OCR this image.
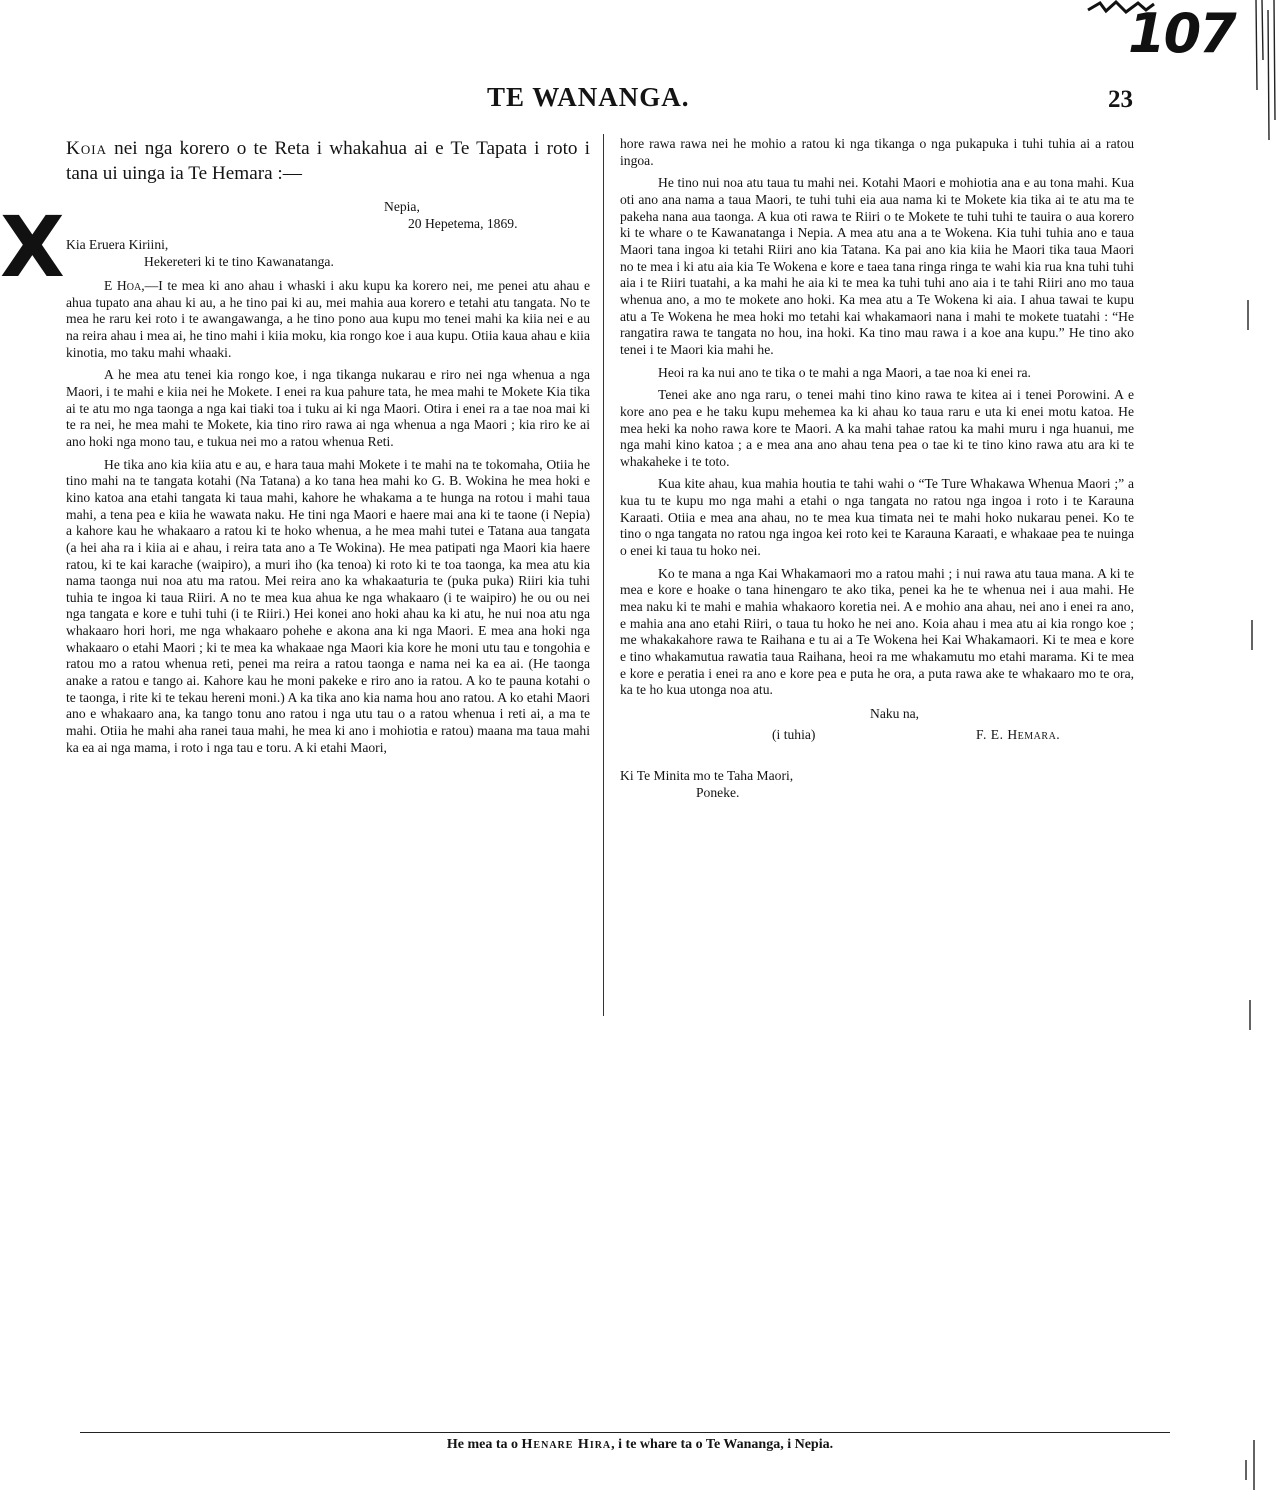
107
X
TE WANANGA.	23

Koia nei nga korero o te Reta i whakahua ai e Te Tapata i roto i tana ui uinga ia Te Hemara :—

Nepia,
20 Hepetema, 1869.
Kia Eruera Kiriini,
Hekereteri ki te tino Kawanatanga.

E Hoa,—I te mea ki ano ahau i whaski i aku kupu ka korero nei, me penei atu ahau e ahua tupato ana ahau ki au, a he tino pai ki au, mei mahia aua korero e tetahi atu tangata. No te mea he raru kei roto i te awangawanga, a he tino pono aua kupu mo tenei mahi ka kiia nei e au na reira ahau i mea ai, he tino mahi i kiia moku, kia rongo koe i aua kupu. Otiia kaua ahau e kiia kinotia, mo taku mahi whaaki.

A he mea atu tenei kia rongo koe, i nga tikanga nukarau e riro nei nga whenua a nga Maori, i te mahi e kiia nei he Mokete. I enei ra kua pahure tata, he mea mahi te Mokete Kia tika ai te atu mo nga taonga a nga kai tiaki toa i tuku ai ki nga Maori. Otira i enei ra a tae noa mai ki te ra nei, he mea mahi te Mokete, kia tino riro rawa ai nga whenua a nga Maori ; kia riro ke ai ano hoki nga mono tau, e tukua nei mo a ratou whenua Reti.

He tika ano kia kiia atu e au, e hara taua mahi Mokete i te mahi na te tokomaha, Otiia he tino mahi na te tangata kotahi (Na Tatana) a ko tana hea mahi ko G. B. Wokina he mea hoki e kino katoa ana etahi tangata ki taua mahi, kahore he whakama a te hunga na rotou i mahi taua mahi, a tena pea e kiia he wawata naku. He tini nga Maori e haere mai ana ki te taone (i Nepia) a kahore kau he whakaaro a ratou ki te hoko whenua, a he mea mahi tutei e Tatana aua tangata (a hei aha ra i kiia ai e ahau, i reira tata ano a Te Wokina). He mea patipati nga Maori kia haere ratou, ki te kai karache (waipiro), a muri iho (ka tenoa) ki roto ki te toa taonga, ka mea atu kia nama taonga nui noa atu ma ratou. Mei reira ano ka whakaaturia te (puka puka) Riiri kia tuhi tuhia te ingoa ki taua Riiri. A no te mea kua ahua ke nga whakaaro (i te waipiro) he ou ou nei nga tangata e kore e tuhi tuhi (i te Riiri.) Hei konei ano hoki ahau ka ki atu, he nui noa atu nga whakaaro hori hori, me nga whakaaro pohehe e akona ana ki nga Maori. E mea ana hoki nga whakaaro o etahi Maori ; ki te mea ka whakaae nga Maori kia kore he moni utu tau e tongohia e ratou mo a ratou whenua reti, penei ma reira a ratou taonga e nama nei ka ea ai. (He taonga anake a ratou e tango ai. Kahore kau he moni pakeke e riro ano ia ratou. A ko te pauna kotahi o te taonga, i rite ki te tekau hereni moni.) A ka tika ano kia nama hou ano ratou. A ko etahi Maori ano e whakaaro ana, ka tango tonu ano ratou i nga utu tau o a ratou whenua i reti ai, a ma te mahi. Otiia he mahi aha ranei taua mahi, he mea ki ano i mohiotia e ratou) maana ma taua mahi ka ea ai nga mama, i roto i nga tau e toru. A ki etahi Maori,

hore rawa rawa nei he mohio a ratou ki nga tikanga o nga pukapuka i tuhi tuhia ai a ratou ingoa.

He tino nui noa atu taua tu mahi nei. Kotahi Maori e mohiotia ana e au tona mahi. Kua oti ano ana nama a taua Maori, te tuhi tuhi eia aua nama ki te Mokete kia tika ai te atu ma te pakeha nana aua taonga. A kua oti rawa te Riiri o te Mokete te tuhi tuhi te tauira o aua korero ki te whare o te Kawanatanga i Nepia. A mea atu ana a te Wokena. Kia tuhi tuhia ano e taua Maori tana ingoa ki tetahi Riiri ano kia Tatana. Ka pai ano kia kiia he Maori tika taua Maori no te mea i ki atu aia kia Te Wokena e kore e taea tana ringa ringa te wahi kia rua kna tuhi tuhi aia i te Riiri tuatahi, a ka mahi he aia ki te mea ka tuhi tuhi ano aia i te tahi Riiri ano mo taua whenua ano, a mo te mokete ano hoki. Ka mea atu a Te Wokena ki aia. I ahua tawai te kupu atu a Te Wokena he mea hoki mo tetahi kai whakamaori nana i mahi te mokete tuatahi : “He rangatira rawa te tangata no hou, ina hoki. Ka tino mau rawa i a koe ana kupu.” He tino ako tenei i te Maori kia mahi he.

Heoi ra ka nui ano te tika o te mahi a nga Maori, a tae noa ki enei ra.

Tenei ake ano nga raru, o tenei mahi tino kino rawa te kitea ai i tenei Porowini. A e kore ano pea e he taku kupu mehemea ka ki ahau ko taua raru e uta ki enei motu katoa. He mea heki ka noho rawa kore te Maori. A ka mahi tahae ratou ka mahi muru i nga huanui, me nga mahi kino katoa ; a e mea ana ano ahau tena pea o tae ki te tino kino rawa atu ara ki te whakaheke i te toto.

Kua kite ahau, kua mahia houtia te tahi wahi o “Te Ture Whakawa Whenua Maori ;” a kua tu te kupu mo nga mahi a etahi o nga tangata no ratou nga ingoa i roto i te Karauna Karaati. Otiia e mea ana ahau, no te mea kua timata nei te mahi hoko nukarau penei. Ko te tino o nga tangata no ratou nga ingoa kei roto kei te Karauna Karaati, e whakaae pea te nuinga o enei ki taua tu hoko nei.

Ko te mana a nga Kai Whakamaori mo a ratou mahi ; i nui rawa atu taua mana. A ki te mea e kore e hoake o tana hinengaro te ako tika, penei ka he te whenua nei i aua mahi. He mea naku ki te mahi e mahia whakaoro koretia nei. A e mohio ana ahau, nei ano i enei ra ano, e mahia ana ano etahi Riiri, o taua tu hoko he nei ano. Koia ahau i mea atu ai kia rongo koe ; me whakakahore rawa te Raihana e tu ai a Te Wokena hei Kai Whakamaori. Ki te mea e kore e tino whakamutua rawatia taua Raihana, heoi ra me whakamutu mo etahi marama. Ki te mea e kore e peratia i enei ra ano e kore pea e puta he ora, a puta rawa ake te whakaaro mo te ora, ka te ho kua utonga noa atu.

Naku na,
(i tuhia)	F. E. Hemara.
Ki Te Minita mo te Taha Maori,
Poneke.
He mea ta o Henare Hira, i te whare ta o Te Wananga, i Nepia.
